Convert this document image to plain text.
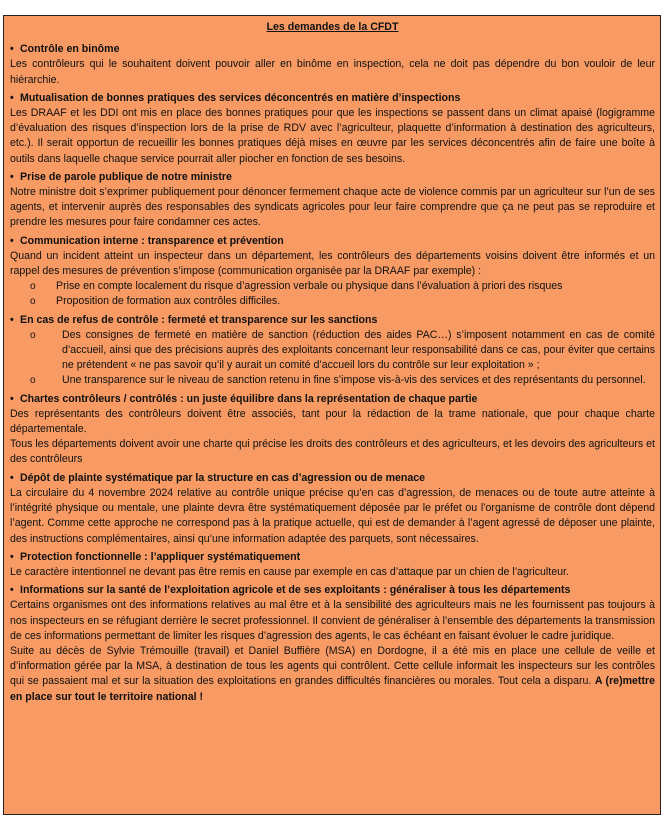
Les demandes de la CFDT
• Contrôle en binôme

Les contrôleurs qui le souhaitent doivent pouvoir aller en binôme en inspection, cela ne doit pas dépendre du bon vouloir de leur hiérarchie.

• Mutualisation de bonnes pratiques des services déconcentrés en matière d’inspections

Les DRAAF et les DDI ont mis en place des bonnes pratiques pour que les inspections se passent dans un climat apaisé (logigramme d’évaluation des risques d’inspection lors de la prise de RDV avec l’agriculteur, plaquette d’information à destination des agriculteurs, etc.). Il serait opportun de recueillir les bonnes pratiques déjà mises en œuvre par les services déconcentrés afin de faire une boîte à outils dans laquelle chaque service pourrait aller piocher en fonction de ses besoins.

• Prise de parole publique de notre ministre

Notre ministre doit s’exprimer publiquement pour dénoncer fermement chaque acte de violence commis par un agriculteur sur l’un de ses agents, et intervenir auprès des responsables des syndicats agricoles pour leur faire comprendre que ça ne peut pas se reproduire et prendre les mesures pour faire condamner ces actes.

• Communication interne : transparence et prévention

Quand un incident atteint un inspecteur dans un département, les contrôleurs des départements voisins doivent être informés et un rappel des mesures de prévention s’impose (communication organisée par la DRAAF par exemple) :

o Prise en compte localement du risque d’agression verbale ou physique dans l’évaluation à priori des risques
o Proposition de formation aux contrôles difficiles.
• En cas de refus de contrôle : fermeté et transparence sur les sanctions
o Des consignes de fermeté en matière de sanction (réduction des aides PAC…) s’imposent notamment en cas de comité d’accueil, ainsi que des précisions auprès des exploitants concernant leur responsabilité dans ce cas, pour éviter que certains ne prétendent « ne pas savoir qu’il y aurait un comité d’accueil lors du contrôle sur leur exploitation » ;
o Une transparence sur le niveau de sanction retenu in fine s’impose vis-à-vis des services et des représentants du personnel.
• Chartes contrôleurs / contrôlés : un juste équilibre dans la représentation de chaque partie

Des représentants des contrôleurs doivent être associés, tant pour la rédaction de la trame nationale, que pour chaque charte départementale.

Tous les départements doivent avoir une charte qui précise les droits des contrôleurs et des agriculteurs, et les devoirs des agriculteurs et des contrôleurs

• Dépôt de plainte systématique par la structure en cas d’agression ou de menace

La circulaire du 4 novembre 2024 relative au contrôle unique précise qu’en cas d’agression, de menaces ou de toute autre atteinte à l’intégrité physique ou mentale, une plainte devra être systématiquement déposée par le préfet ou l’organisme de contrôle dont dépend l’agent. Comme cette approche ne correspond pas à la pratique actuelle, qui est de demander à l’agent agressé de déposer une plainte, des instructions complémentaires, ainsi qu’une information adaptée des parquets, sont nécessaires.

• Protection fonctionnelle : l’appliquer systématiquement

Le caractère intentionnel ne devant pas être remis en cause par exemple en cas d’attaque par un chien de l’agriculteur.

• Informations sur la santé de l’exploitation agricole et de ses exploitants : généraliser à tous les départements

Certains organismes ont des informations relatives au mal être et à la sensibilité des agriculteurs mais ne les fournissent pas toujours à nos inspecteurs en se réfugiant derrière le secret professionnel. Il convient de généraliser à l’ensemble des départements la transmission de ces informations permettant de limiter les risques d’agression des agents, le cas échéant en faisant évoluer le cadre juridique.

Suite au décès de Sylvie Trémouille (travail) et Daniel Buffière (MSA) en Dordogne, il a été mis en place une cellule de veille et d’information gérée par la MSA, à destination de tous les agents qui contrôlent. Cette cellule informait les inspecteurs sur les contrôles qui se passaient mal et sur la situation des exploitations en grandes difficultés financières ou morales. Tout cela a disparu. A (re)mettre en place sur tout le territoire national !
